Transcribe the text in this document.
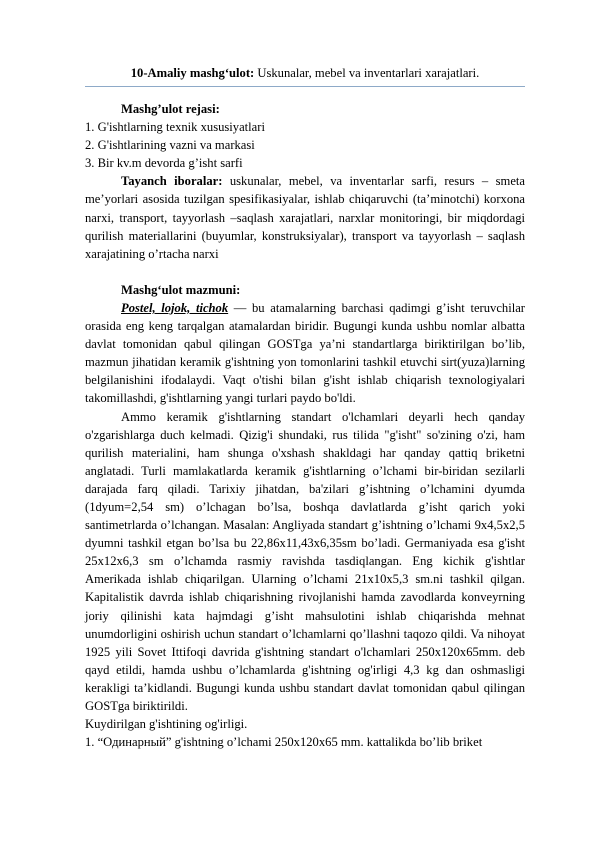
10-Amaliy mashg‘ulot: Uskunalar, mebel va inventarlari xarajatlari.
Mashg’ulot rejasi:
1. G'ishtlarning texnik xususiyatlari
2. G'ishtlarining vazni va markasi
3. Bir kv.m devorda g’isht sarfi

Tayanch iboralar: uskunalar, mebel, va inventarlar sarfi, resurs – smeta me’yorlari asosida tuzilgan spesifikasiyalar, ishlab chiqaruvchi (ta’minotchi) korxona narxi, transport, tayyorlash –saqlash xarajatlari, narxlar monitoringi, bir miqdordagi qurilish materiallarini (buyumlar, konstruksiyalar), transport va tayyorlash – saqlash xarajatining o’rtacha narxi

Mashg‘ulot mazmuni:

Postel, lojok, tichok — bu atamalarning barchasi qadimgi g’isht teruvchilar orasida eng keng tarqalgan atamalardan biridir. Bugungi kunda ushbu nomlar albatta davlat tomonidan qabul qilingan GOSTga ya’ni standartlarga biriktirilgan bo’lib, mazmun jihatidan keramik g'ishtning yon tomonlarini tashkil etuvchi sirt(yuza)larning belgilanishini ifodalaydi. Vaqt o'tishi bilan g'isht ishlab chiqarish texnologiyalari takomillashdi, g'ishtlarning yangi turlari paydo bo'ldi.

Ammo keramik g'ishtlarning standart o'lchamlari deyarli hech qanday o'zgarishlarga duch kelmadi. Qizig'i shundaki, rus tilida "g'isht" so'zining o'zi, ham qurilish materialini, ham shunga o'xshash shakldagi har qanday qattiq briketni anglatadi. Turli mamlakatlarda keramik g'ishtlarning o’lchami bir-biridan sezilarli darajada farq qiladi. Tarixiy jihatdan, ba'zilari g’ishtning o’lchamini dyumda (1dyum=2,54 sm) o’lchagan bo’lsa, boshqa davlatlarda g’isht qarich yoki santimetrlarda o’lchangan. Masalan: Angliyada standart g’ishtning o’lchami 9x4,5x2,5 dyumni tashkil etgan bo’lsa bu 22,86x11,43x6,35sm bo’ladi. Germaniyada esa g'isht 25x12x6,3 sm o’lchamda rasmiy ravishda tasdiqlangan. Eng kichik g'ishtlar Amerikada ishlab chiqarilgan. Ularning o’lchami 21x10x5,3 sm.ni tashkil qilgan. Kapitalistik davrda ishlab chiqarishning rivojlanishi hamda zavodlarda konveyrning joriy qilinishi kata hajmdagi g’isht mahsulotini ishlab chiqarishda mehnat unumdorligini oshirish uchun standart o’lchamlarni qo’llashni taqozo qildi. Va nihoyat 1925 yili Sovet Ittifoqi davrida g'ishtning standart o'lchamlari 250x120x65mm. deb qayd etildi, hamda ushbu o’lchamlarda g'ishtning og'irligi 4,3 kg dan oshmasligi kerakligi ta’kidlandi. Bugungi kunda ushbu standart davlat tomonidan qabul qilingan GOSTga biriktirildi.

Kuydirilgan g'ishtining og'irligi.

1. “Одинарный” g'ishtning o’lchami 250x120x65 mm. kattalikda bo’lib briket
